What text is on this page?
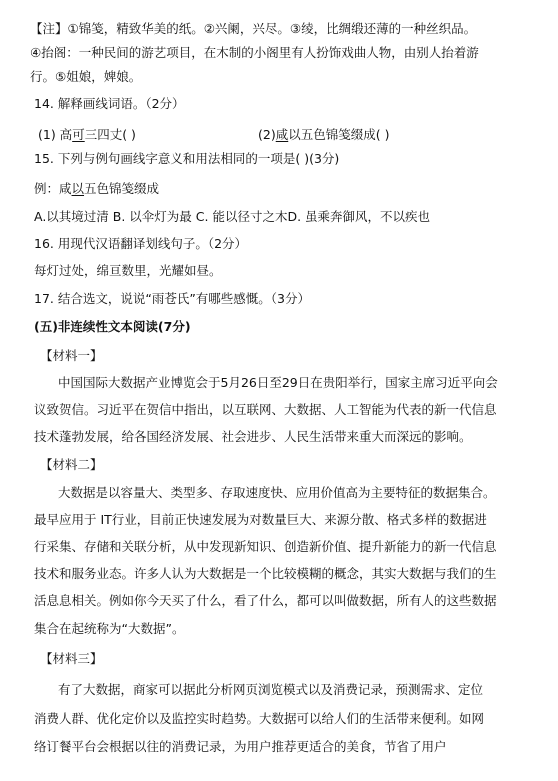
【注】①锦笺，精致华美的纸。②兴阑，兴尽。③绫，比绸缎还薄的一种丝织品。
④抬阁：一种民间的游艺项目，在木制的小阁里有人扮饰戏曲人物，由别人抬着游
行。⑤姐娘，婢娘。
14. 解释画线词语。（2分）
(1) 高可三四丈( )	(2)咸以五色锦笺缀成( )
15. 下列与例句画线字意义和用法相同的一项是( )(3分)
例：咸以五色锦笺缀成
A.以其境过清 B. 以伞灯为最 C. 能以径寸之木D. 虽乘奔御风，不以疾也
16. 用现代汉语翻译划线句子。（2分）
每灯过处，绵亘数里，光耀如昼。
17. 结合选文，说说“雨苍氏”有哪些感慨。（3分）
(五)非连续性文本阅读(7分)
【材料一】
中国国际大数据产业博览会于5月26日至29日在贵阳举行，国家主席习近平向会
议致贺信。习近平在贺信中指出，以互联网、大数据、人工智能为代表的新一代信息
技术蓬勃发展，给各国经济发展、社会进步、人民生活带来重大而深远的影响。
【材料二】
大数据是以容量大、类型多、存取速度快、应用价值高为主要特征的数据集合。
最早应用于 IT行业，目前正快速发展为对数量巨大、来源分散、格式多样的数据进
行采集、存储和关联分析，从中发现新知识、创造新价值、提升新能力的新一代信息
技术和服务业态。许多人认为大数据是一个比较模糊的概念，其实大数据与我们的生
活息息相关。例如你今天买了什么，看了什么，都可以叫做数据，所有人的这些数据
集合在起统称为“大数据”。
【材料三】
有了大数据，商家可以据此分析网页浏览模式以及消费记录，预测需求、定位
消费人群、优化定价以及监控实时趋势。大数据可以给人们的生活带来便利。如网
络订餐平台会根据以往的消费记录，为用户推荐更适合的美食，节省了用户
